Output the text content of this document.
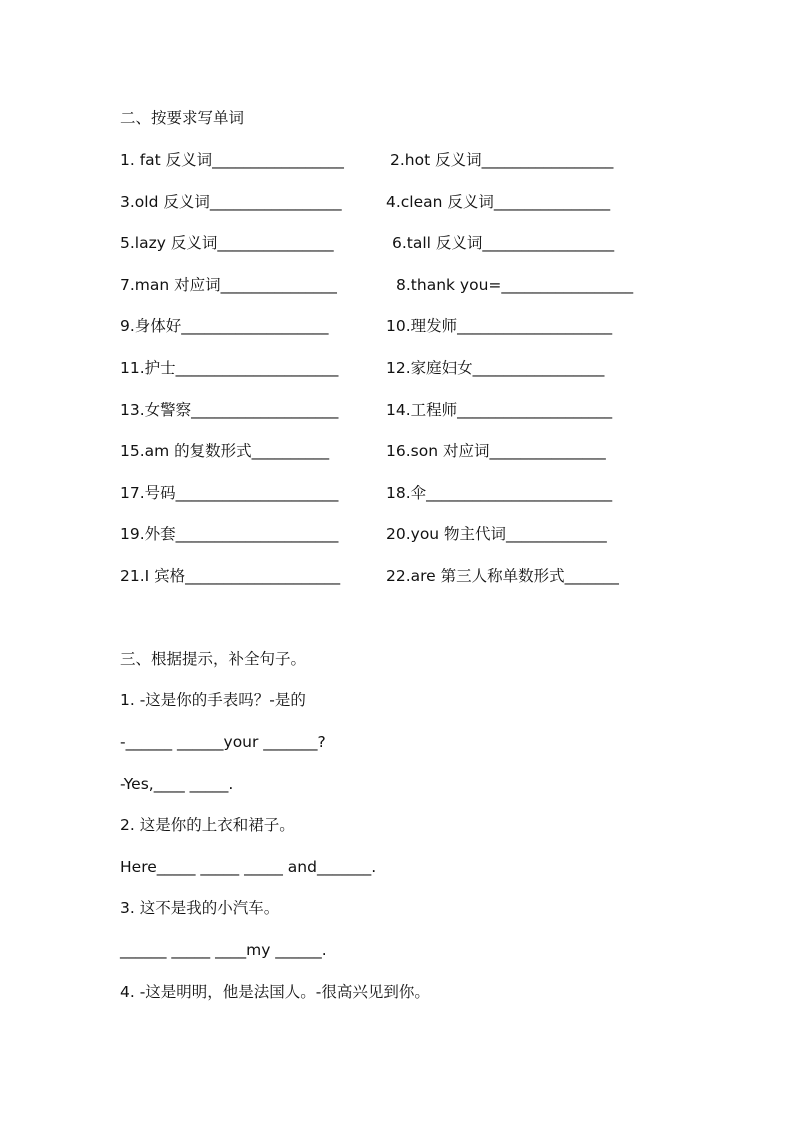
二、按要求写单词
1. fat 反义词_________________	2.hot 反义词_________________
3.old 反义词_________________	4.clean 反义词_______________
5.lazy 反义词_______________	6.tall 反义词_________________
7.man 对应词_______________	8.thank you=_________________
9.身体好___________________	10.理发师____________________
11.护士_____________________	12.家庭妇女_________________
13.女警察___________________	14.工程师____________________
15.am 的复数形式__________	16.son 对应词_______________
17.号码_____________________	18.伞________________________
19.外套_____________________	20.you 物主代词_____________
21.I 宾格____________________	22.are 第三人称单数形式_______
三、根据提示，补全句子。
1. -这是你的手表吗？-是的
-______ ______your _______?
-Yes,____ _____.
2. 这是你的上衣和裙子。
Here_____ _____ _____ and_______.
3. 这不是我的小汽车。
______ _____ ____my ______.
4. -这是明明，他是法国人。-很高兴见到你。
